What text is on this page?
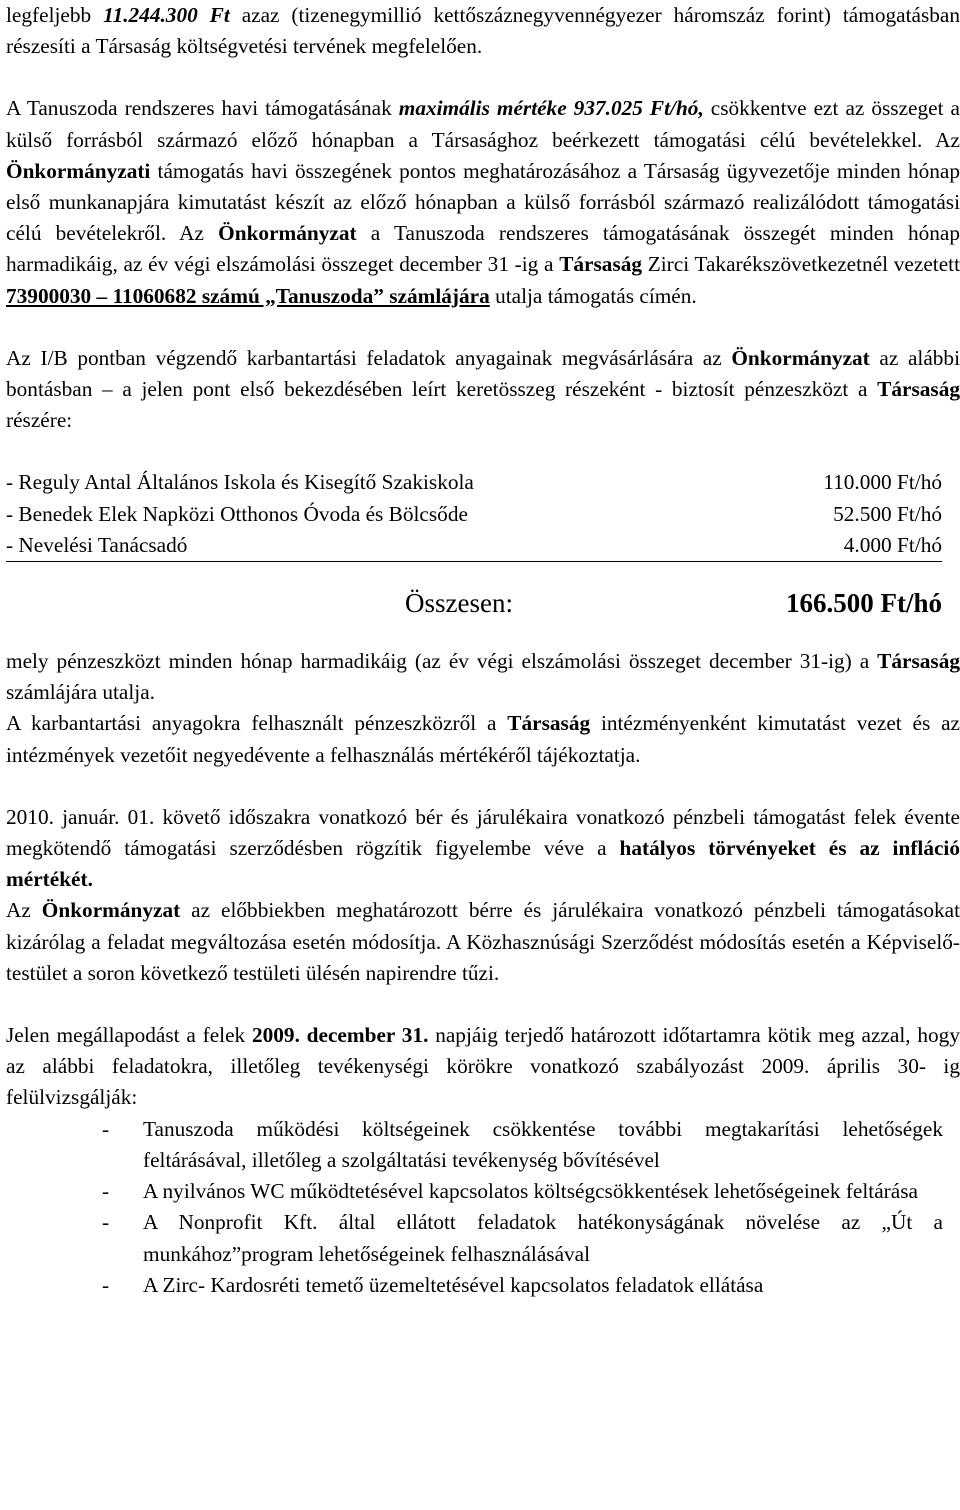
legfeljebb 11.244.300 Ft azaz (tizenegymillió kettőszáznegyvennégyezer háromszáz forint) támogatásban részesíti a Társaság költségvetési tervének megfelelően.

A Tanuszoda rendszeres havi támogatásának maximális mértéke 937.025 Ft/hó, csökkentve ezt az összeget a külső forrásból származó előző hónapban a Társasághoz beérkezett támogatási célú bevételekkel. Az Önkormányzati támogatás havi összegének pontos meghatározásához a Társaság ügyvezetője minden hónap első munkanapjára kimutatást készít az előző hónapban a külső forrásból származó realizálódott támogatási célú bevételekről. Az Önkormányzat a Tanuszoda rendszeres támogatásának összegét minden hónap harmadikáig, az év végi elszámolási összeget december 31 -ig a Társaság Zirci Takarékszövetkezetnél vezetett 73900030 – 11060682 számú „Tanuszoda” számlájára utalja támogatás címén.

Az I/B pontban végzendő karbantartási feladatok anyagainak megvásárlására az Önkormányzat az alábbi bontásban – a jelen pont első bekezdésében leírt keretösszeg részeként - biztosít pénzeszközt a Társaság részére:

- Reguly Antal Általános Iskola és Kisegítő Szakiskola	110.000 Ft/hó
- Benedek Elek Napközi Otthonos Óvoda és Bölcsőde	52.500 Ft/hó
- Nevelési Tanácsadó	4.000 Ft/hó
Összesen:	166.500 Ft/hó

mely pénzeszközt minden hónap harmadikáig (az év végi elszámolási összeget december 31-ig) a Társaság számlájára utalja.

A karbantartási anyagokra felhasznált pénzeszközről a Társaság intézményenként kimutatást vezet és az intézmények vezetőit negyedévente a felhasználás mértékéről tájékoztatja.

2010. január. 01. követő időszakra vonatkozó bér és járulékaira vonatkozó pénzbeli támogatást felek évente megkötendő támogatási szerződésben rögzítik figyelembe véve a hatályos törvényeket és az infláció mértékét.

Az Önkormányzat az előbbiekben meghatározott bérre és járulékaira vonatkozó pénzbeli támogatásokat kizárólag a feladat megváltozása esetén módosítja. A Közhasznúsági Szerződést módosítás esetén a Képviselő-testület a soron következő testületi ülésén napirendre tűzi.

Jelen megállapodást a felek 2009. december 31. napjáig terjedő határozott időtartamra kötik meg azzal, hogy az alábbi feladatokra, illetőleg tevékenységi körökre vonatkozó szabályozást 2009. április 30- ig felülvizsgálják:

- Tanuszoda működési költségeinek csökkentése további megtakarítási lehetőségek feltárásával, illetőleg a szolgáltatási tevékenység bővítésével
- A nyilvános WC működtetésével kapcsolatos költségcsökkentések lehetőségeinek feltárása
- A Nonprofit Kft. által ellátott feladatok hatékonyságának növelése az „Út a munkához”program lehetőségeinek felhasználásával
- A Zirc- Kardosréti temető üzemeltetésével kapcsolatos feladatok ellátása
